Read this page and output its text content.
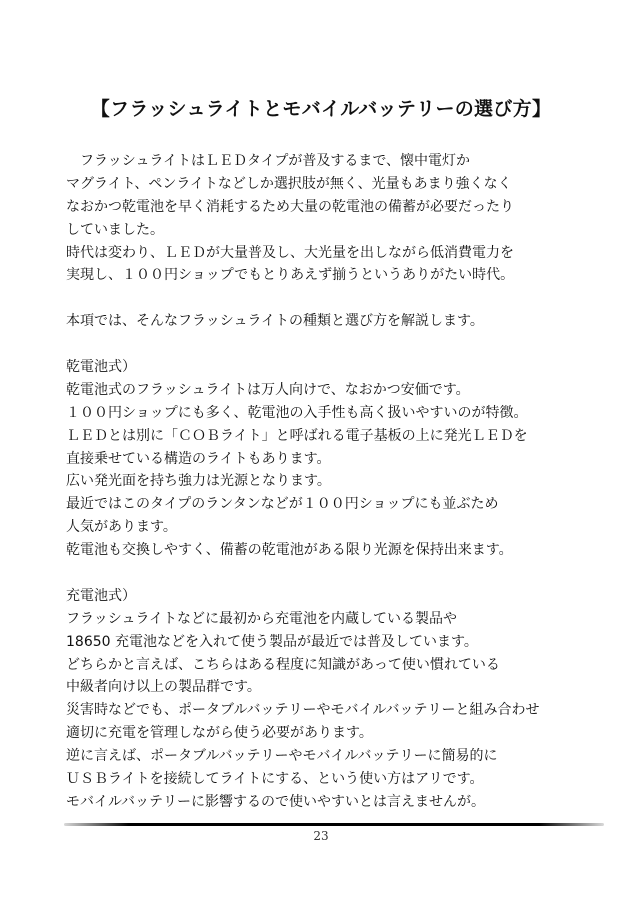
【フラッシュライトとモバイルバッテリーの選び方】
　フラッシュライトはＬＥＤタイプが普及するまで、懐中電灯か
マグライト、ペンライトなどしか選択肢が無く、光量もあまり強くなく
なおかつ乾電池を早く消耗するため大量の乾電池の備蓄が必要だったり
していました。
時代は変わり、ＬＥＤが大量普及し、大光量を出しながら低消費電力を
実現し、１００円ショップでもとりあえず揃うというありがたい時代。
本項では、そんなフラッシュライトの種類と選び方を解説します。
乾電池式）
乾電池式のフラッシュライトは万人向けで、なおかつ安価です。
１００円ショップにも多く、乾電池の入手性も高く扱いやすいのが特徴。
ＬＥＤとは別に「ＣＯＢライト」と呼ばれる電子基板の上に発光ＬＥＤを
直接乗せている構造のライトもあります。
広い発光面を持ち強力は光源となります。
最近ではこのタイプのランタンなどが１００円ショップにも並ぶため
人気があります。
乾電池も交換しやすく、備蓄の乾電池がある限り光源を保持出来ます。
充電池式）
フラッシュライトなどに最初から充電池を内蔵している製品や
18650 充電池などを入れて使う製品が最近では普及しています。
どちらかと言えば、こちらはある程度に知識があって使い慣れている
中級者向け以上の製品群です。
災害時などでも、ポータブルバッテリーやモバイルバッテリーと組み合わせ
適切に充電を管理しながら使う必要があります。
逆に言えば、ポータブルバッテリーやモバイルバッテリーに簡易的に
ＵＳＢライトを接続してライトにする、という使い方はアリです。
モバイルバッテリーに影響するので使いやすいとは言えませんが。
23
